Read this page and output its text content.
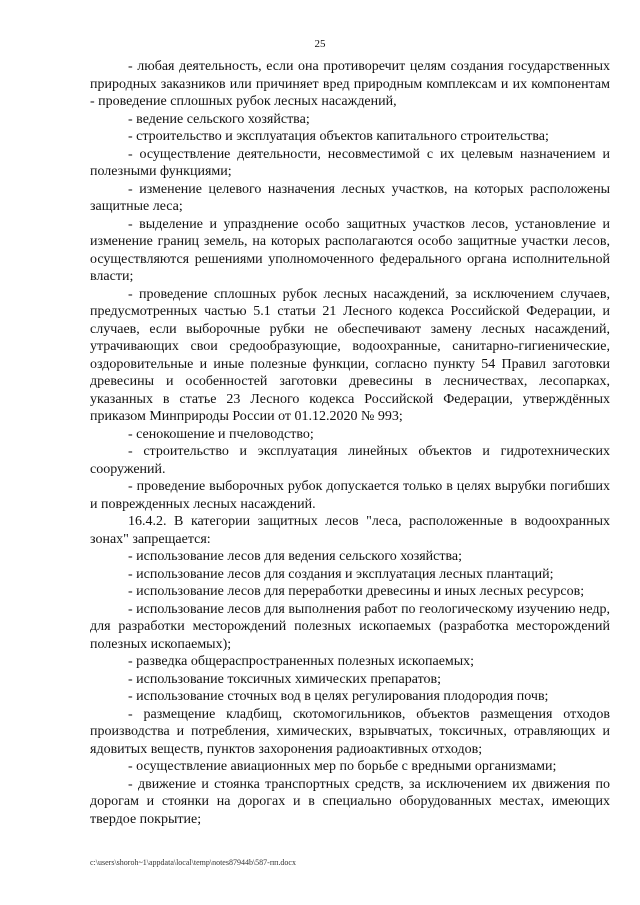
25

- любая деятельность, если она противоречит целям создания государственных природных заказников или причиняет вред природным комплексам и их компонентам - проведение сплошных рубок лесных насаждений,

- ведение сельского хозяйства;

- строительство и эксплуатация объектов капитального строительства;

- осуществление деятельности, несовместимой с их целевым назначением и полезными функциями;

- изменение целевого назначения лесных участков, на которых расположены защитные леса;

- выделение и упразднение особо защитных участков лесов, установление и изменение границ земель, на которых располагаются особо защитные участки лесов, осуществляются решениями уполномоченного федерального органа исполнительной власти;

- проведение сплошных рубок лесных насаждений, за исключением случаев, предусмотренных частью 5.1 статьи 21 Лесного кодекса Российской Федерации, и случаев, если выборочные рубки не обеспечивают замену лесных насаждений, утрачивающих свои средообразующие, водоохранные, санитарно-гигиенические, оздоровительные и иные полезные функции, согласно пункту 54 Правил заготовки древесины и особенностей заготовки древесины в лесничествах, лесопарках, указанных в статье 23 Лесного кодекса Российской Федерации, утверждённых приказом Минприроды России от 01.12.2020 № 993;

- сенокошение и пчеловодство;

- строительство и эксплуатация линейных объектов и гидротехнических сооружений.

- проведение выборочных рубок допускается только в целях вырубки погибших и поврежденных лесных насаждений.

16.4.2. В категории защитных лесов "леса, расположенные в водоохранных зонах" запрещается:

- использование лесов для ведения сельского хозяйства;

- использование лесов для создания и эксплуатация лесных плантаций;

- использование лесов для переработки древесины и иных лесных ресурсов;

- использование лесов для выполнения работ по геологическому изучению недр, для разработки месторождений полезных ископаемых (разработка месторождений полезных ископаемых);

- разведка общераспространенных полезных ископаемых;

- использование токсичных химических препаратов;

- использование сточных вод в целях регулирования плодородия почв;

- размещение кладбищ, скотомогильников, объектов размещения отходов производства и потребления, химических, взрывчатых, токсичных, отравляющих и ядовитых веществ, пунктов захоронения радиоактивных отходов;

- осуществление авиационных мер по борьбе с вредными организмами;

- движение и стоянка транспортных средств, за исключением их движения по дорогам и стоянки на дорогах и в специально оборудованных местах, имеющих твердое покрытие;

c:\users\shoroh~1\appdata\local\temp\notes87944b\587-пп.docx
